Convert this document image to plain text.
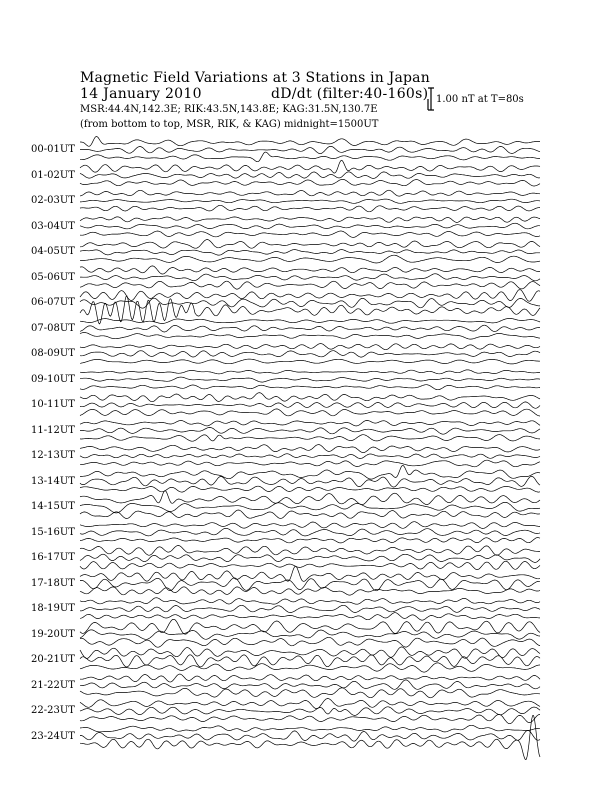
Magnetic Field Variations at 3 Stations in Japan
14 January 2010	dD/dt (filter:40-160s)
MSR:44.4N,142.3E; RIK:43.5N,143.8E; KAG:31.5N,130.7E
(from bottom to top, MSR, RIK, & KAG) midnight=1500UT
1.00 nT at T=80s
00-01UT
01-02UT
02-03UT
03-04UT
04-05UT
05-06UT
06-07UT
07-08UT
08-09UT
09-10UT
10-11UT
11-12UT
12-13UT
13-14UT
14-15UT
15-16UT
16-17UT
17-18UT
18-19UT
19-20UT
20-21UT
21-22UT
22-23UT
23-24UT
